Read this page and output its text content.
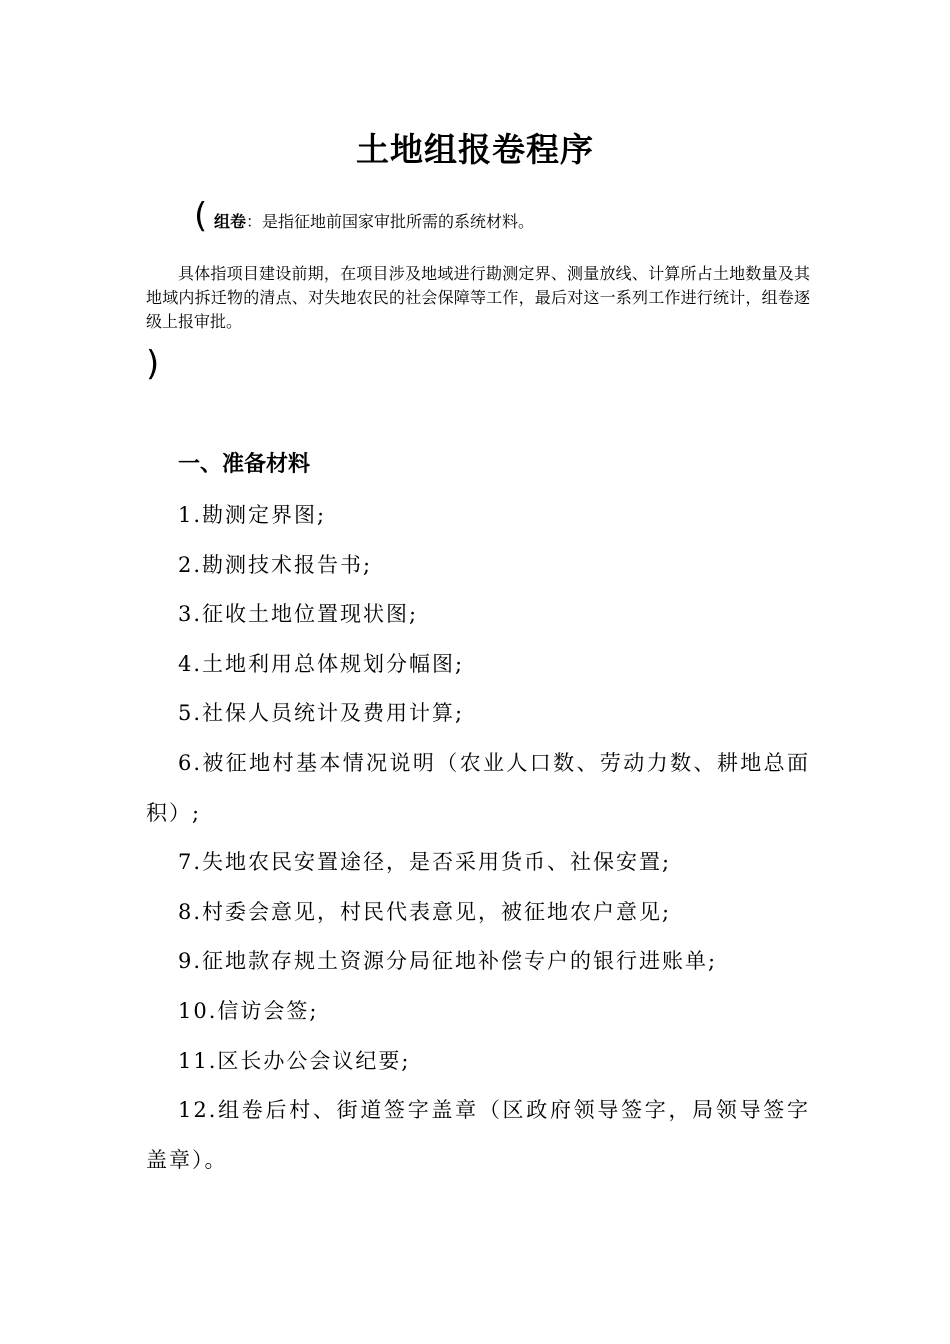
土地组报卷程序
( 组卷：是指征地前国家审批所需的系统材料。

具体指项目建设前期，在项目涉及地域进行勘测定界、测量放线、计算所占土地数量及其地域内拆迁物的清点、对失地农民的社会保障等工作，最后对这一系列工作进行统计，组卷逐级上报审批。

)
一、准备材料
1.勘测定界图;
2.勘测技术报告书;
3.征收土地位置现状图;
4.土地利用总体规划分幅图;
5.社保人员统计及费用计算;
6.被征地村基本情况说明（农业人口数、劳动力数、耕地总面积）;
7.失地农民安置途径，是否采用货币、社保安置;
8.村委会意见，村民代表意见，被征地农户意见;
9.征地款存规土资源分局征地补偿专户的银行进账单;
10.信访会签;
11.区长办公会议纪要;
12.组卷后村、街道签字盖章（区政府领导签字，局领导签字盖章）。
